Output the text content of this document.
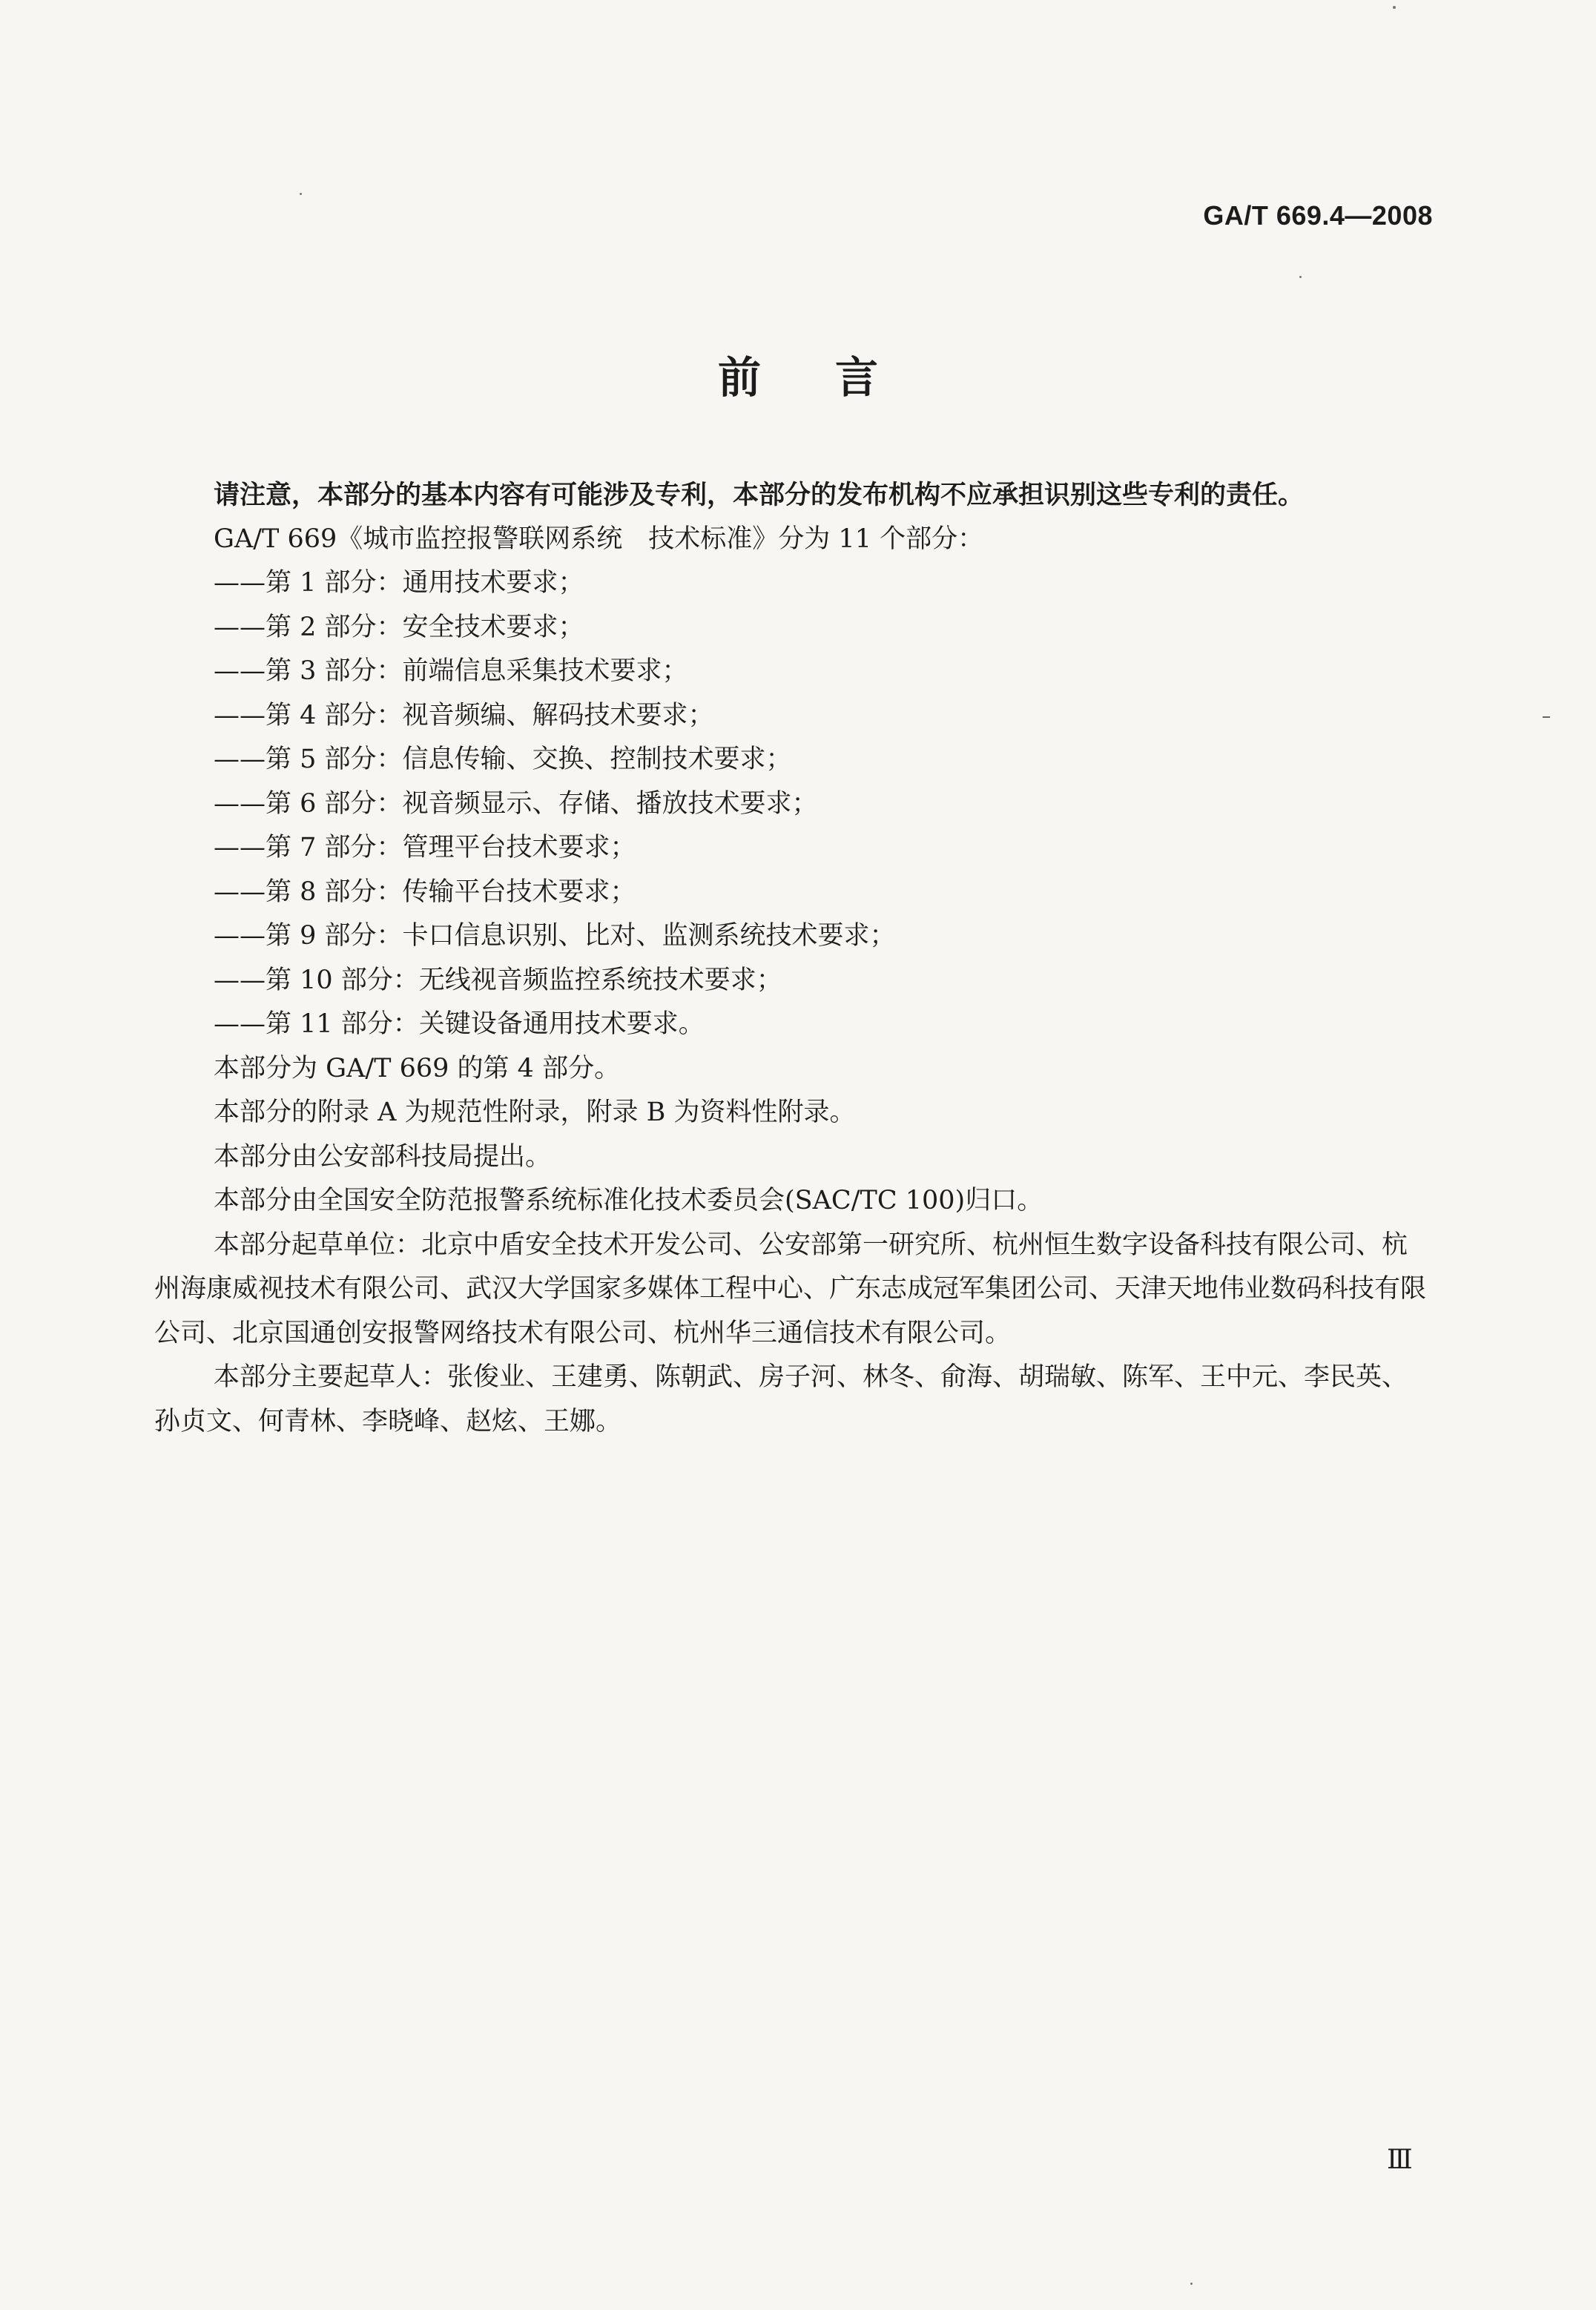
GA/T 669.4—2008
前 言

请注意，本部分的基本内容有可能涉及专利，本部分的发布机构不应承担识别这些专利的责任。

GA/T 669《城市监控报警联网系统　技术标准》分为 11 个部分：

——第 1 部分：通用技术要求；

——第 2 部分：安全技术要求；

——第 3 部分：前端信息采集技术要求；

——第 4 部分：视音频编、解码技术要求；

——第 5 部分：信息传输、交换、控制技术要求；

——第 6 部分：视音频显示、存储、播放技术要求；

——第 7 部分：管理平台技术要求；

——第 8 部分：传输平台技术要求；

——第 9 部分：卡口信息识别、比对、监测系统技术要求；

——第 10 部分：无线视音频监控系统技术要求；

——第 11 部分：关键设备通用技术要求。

本部分为 GA/T 669 的第 4 部分。

本部分的附录 A 为规范性附录，附录 B 为资料性附录。

本部分由公安部科技局提出。

本部分由全国安全防范报警系统标准化技术委员会(SAC/TC 100)归口。

本部分起草单位：北京中盾安全技术开发公司、公安部第一研究所、杭州恒生数字设备科技有限公司、杭州海康威视技术有限公司、武汉大学国家多媒体工程中心、广东志成冠军集团公司、天津天地伟业数码科技有限公司、北京国通创安报警网络技术有限公司、杭州华三通信技术有限公司。

本部分主要起草人：张俊业、王建勇、陈朝武、房子河、林冬、俞海、胡瑞敏、陈军、王中元、李民英、孙贞文、何青林、李晓峰、赵炫、王娜。

Ⅲ
